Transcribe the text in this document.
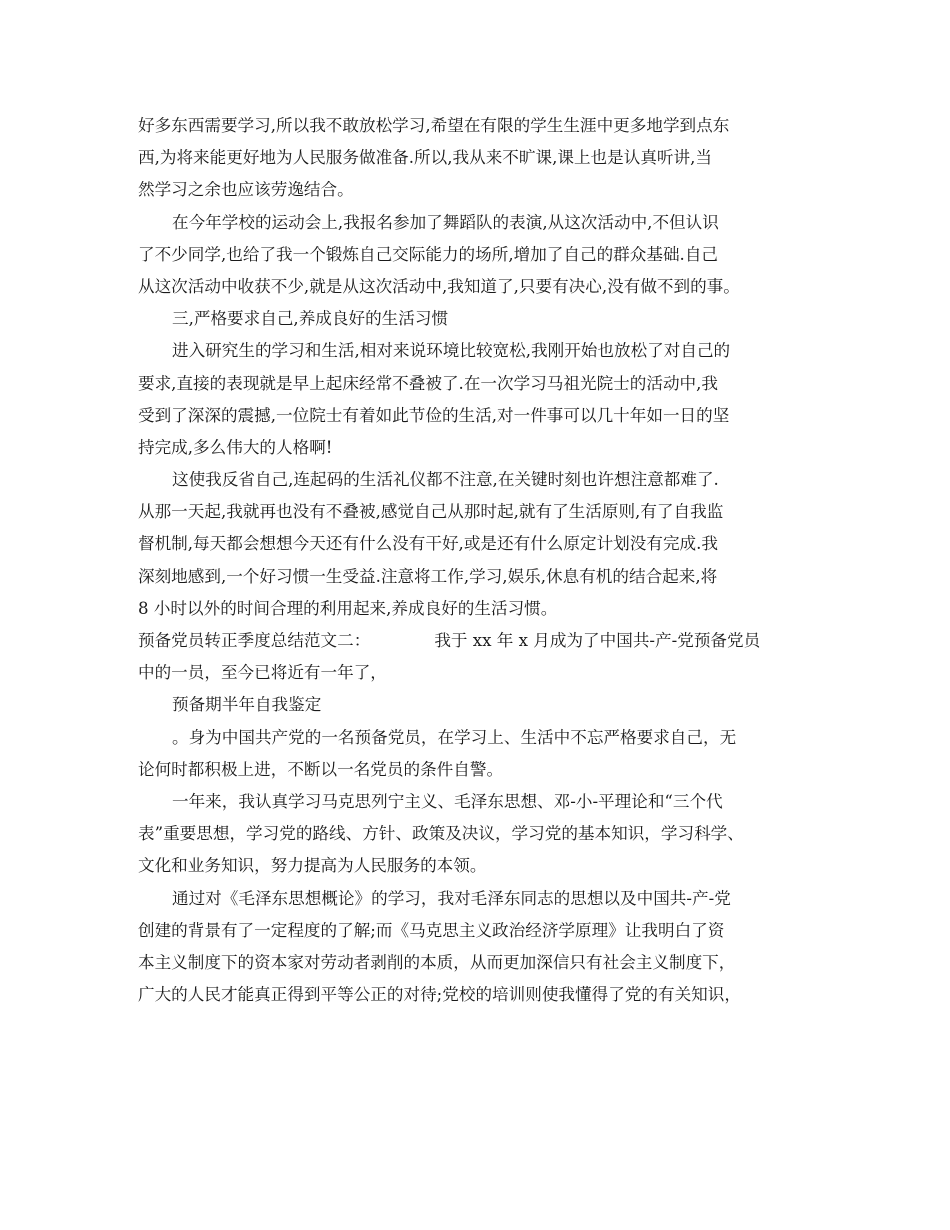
好多东西需要学习,所以我不敢放松学习,希望在有限的学生生涯中更多地学到点东
西,为将来能更好地为人民服务做准备.所以,我从来不旷课,课上也是认真听讲,当
然学习之余也应该劳逸结合。
在今年学校的运动会上,我报名参加了舞蹈队的表演,从这次活动中,不但认识
了不少同学,也给了我一个锻炼自己交际能力的场所,增加了自己的群众基础.自己
从这次活动中收获不少,就是从这次活动中,我知道了,只要有决心,没有做不到的事。
三,严格要求自己,养成良好的生活习惯
进入研究生的学习和生活,相对来说环境比较宽松,我刚开始也放松了对自己的
要求,直接的表现就是早上起床经常不叠被了.在一次学习马祖光院士的活动中,我
受到了深深的震撼,一位院士有着如此节俭的生活,对一件事可以几十年如一日的坚
持完成,多么伟大的人格啊!
这使我反省自己,连起码的生活礼仪都不注意,在关键时刻也许想注意都难了.
从那一天起,我就再也没有不叠被,感觉自己从那时起,就有了生活原则,有了自我监
督机制,每天都会想想今天还有什么没有干好,或是还有什么原定计划没有完成.我
深刻地感到,一个好习惯一生受益.注意将工作,学习,娱乐,休息有机的结合起来,将
8 小时以外的时间合理的利用起来,养成良好的生活习惯。
预备党员转正季度总结范文二：	我于 xx 年 x 月成为了中国共-产-党预备党员
中的一员，至今已将近有一年了，
预备期半年自我鉴定
。身为中国共产党的一名预备党员，在学习上、生活中不忘严格要求自己，无
论何时都积极上进，不断以一名党员的条件自警。
一年来，我认真学习马克思列宁主义、毛泽东思想、邓-小-平理论和“三个代
表”重要思想，学习党的路线、方针、政策及决议，学习党的基本知识，学习科学、
文化和业务知识，努力提高为人民服务的本领。
通过对《毛泽东思想概论》的学习，我对毛泽东同志的思想以及中国共-产-党
创建的背景有了一定程度的了解;而《马克思主义政治经济学原理》让我明白了资
本主义制度下的资本家对劳动者剥削的本质，从而更加深信只有社会主义制度下，
广大的人民才能真正得到平等公正的对待;党校的培训则使我懂得了党的有关知识，
